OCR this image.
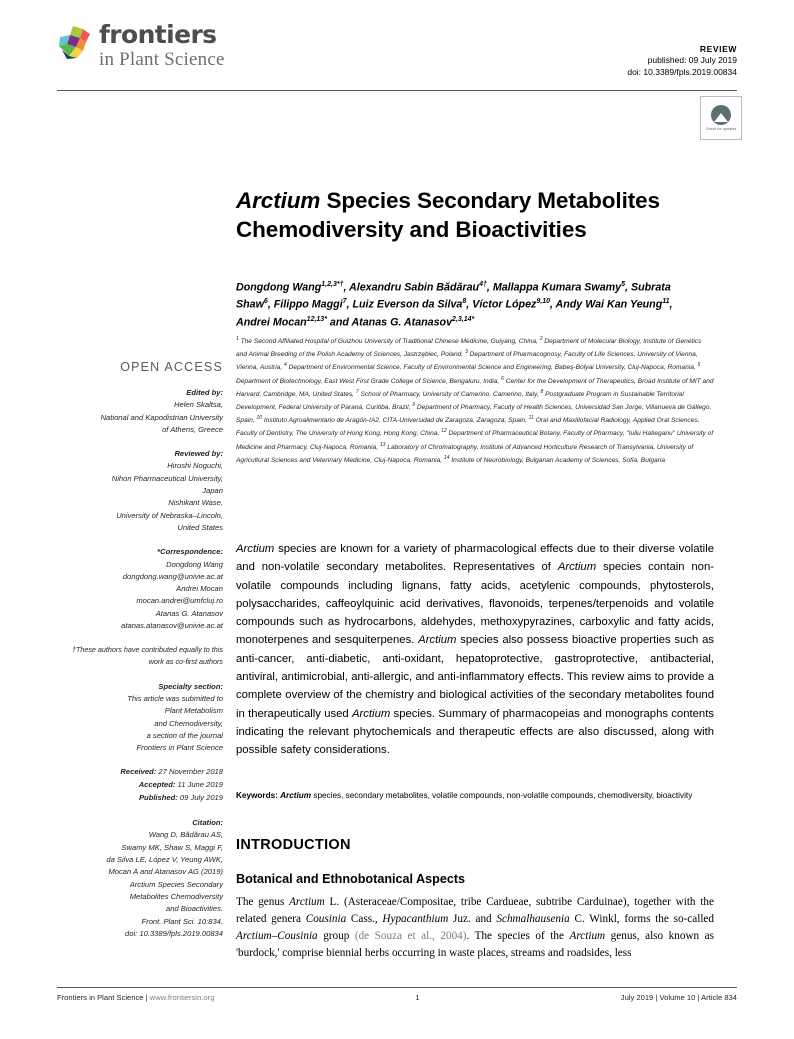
frontiers
in Plant Science	REVIEW
published: 09 July 2019
doi: 10.3389/fpls.2019.00834
Check for updates
Arctium Species Secondary Metabolites Chemodiversity and Bioactivities
Dongdong Wang$^{1,2,3*\dagger}$, Alexandru Sabin Bădărau$^{4\dagger}$, Mallappa Kumara Swamy$^5$, Subrata Shaw$^6$, Filippo Maggi$^7$, Luiz Everson da Silva$^8$, Víctor López$^{9,10}$, Andy Wai Kan Yeung$^{11}$, Andrei Mocan$^{12,13*}$ and Atanas G. Atanasov$^{2,3,14*}$
$^1$ The Second Affiliated Hospital of Guizhou University of Traditional Chinese Medicine, Guiyang, China, $^2$ Department of Molecular Biology, Institute of Genetics and Animal Breeding of the Polish Academy of Sciences, Jastrzębiec, Poland, $^3$ Department of Pharmacognosy, Faculty of Life Sciences, University of Vienna, Vienna, Austria, $^4$ Department of Environmental Science, Faculty of Environmental Science and Engineering, Babeş-Bolyai University, Cluj-Napoca, Romania, $^5$ Department of Biotechnology, East West First Grade College of Science, Bengaluru, India, $^6$ Center for the Development of Therapeutics, Broad Institute of MIT and Harvard, Cambridge, MA, United States, $^7$ School of Pharmacy, University of Camerino, Camerino, Italy, $^8$ Postgraduate Program in Sustainable Territorial Development, Federal University of Paraná, Curitiba, Brazil, $^9$ Department of Pharmacy, Faculty of Health Sciences, Universidad San Jorge, Villanueva de Gállego, Spain, $^{10}$ Instituto Agroalimentario de Aragón-IA2, CITA-Universidad de Zaragoza, Zaragoza, Spain, $^{11}$ Oral and Maxillofacial Radiology, Applied Oral Sciences, Faculty of Dentistry, The University of Hong Kong, Hong Kong, China, $^{12}$ Department of Pharmaceutical Botany, Faculty of Pharmacy, "Iuliu Hatieganu" University of Medicine and Pharmacy, Cluj-Napoca, Romania, $^{13}$ Laboratory of Chromatography, Institute of Advanced Horticulture Research of Transylvania, University of Agricultural Sciences and Veterinary Medicine, Cluj-Napoca, Romania, $^{14}$ Institute of Neurobiology, Bulgarian Academy of Sciences, Sofia, Bulgaria
OPEN ACCESS
Edited by:
Helen Skaltsa,
National and Kapodistrian University
of Athens, Greece
Reviewed by:
Hiroshi Noguchi,
Nihon Pharmaceutical University,
Japan
Nishikant Wase,
University of Nebraska–Lincoln,
United States
*Correspondence:
Dongdong Wang
dongdong.wang@univie.ac.at
Andrei Mocan
mocan.andrei@umfcluj.ro
Atanas G. Atanasov
atanas.atanasov@univie.ac.at
†These authors have contributed equally to this work as co-first authors
Specialty section:
This article was submitted to
Plant Metabolism
and Chemodiversity,
a section of the journal
Frontiers in Plant Science
Received: 27 November 2018
Accepted: 11 June 2019
Published: 09 July 2019
Citation:
Wang D, Bădărau AS,
Swamy MK, Shaw S, Maggi F,
da Silva LE, López V, Yeung AWK,
Mocan A and Atanasov AG (2019)
Arctium Species Secondary
Metabolites Chemodiversity
and Bioactivities.
Front. Plant Sci. 10:834.
doi: 10.3389/fpls.2019.00834
Arctium species are known for a variety of pharmacological effects due to their diverse volatile and non-volatile secondary metabolites. Representatives of Arctium species contain non-volatile compounds including lignans, fatty acids, acetylenic compounds, phytosterols, polysaccharides, caffeoylquinic acid derivatives, flavonoids, terpenes/terpenoids and volatile compounds such as hydrocarbons, aldehydes, methoxypyrazines, carboxylic and fatty acids, monoterpenes and sesquiterpenes. Arctium species also possess bioactive properties such as anti-cancer, anti-diabetic, anti-oxidant, hepatoprotective, gastroprotective, antibacterial, antiviral, antimicrobial, anti-allergic, and anti-inflammatory effects. This review aims to provide a complete overview of the chemistry and biological activities of the secondary metabolites found in therapeutically used Arctium species. Summary of pharmacopeias and monographs contents indicating the relevant phytochemicals and therapeutic effects are also discussed, along with possible safety considerations.
Keywords: Arctium species, secondary metabolites, volatile compounds, non-volatile compounds, chemodiversity, bioactivity
INTRODUCTION
Botanical and Ethnobotanical Aspects
The genus Arctium L. (Asteraceae/Compositae, tribe Cardueae, subtribe Carduinae), together with the related genera Cousinia Cass., Hypacanthium Juz. and Schmalhausenia C. Winkl, forms the so-called Arctium–Cousinia group (de Souza et al., 2004). The species of the Arctium genus, also known as 'burdock,' comprise biennial herbs occurring in waste places, streams and roadsides, less
Frontiers in Plant Science | www.frontiersin.org	1	July 2019 | Volume 10 | Article 834
